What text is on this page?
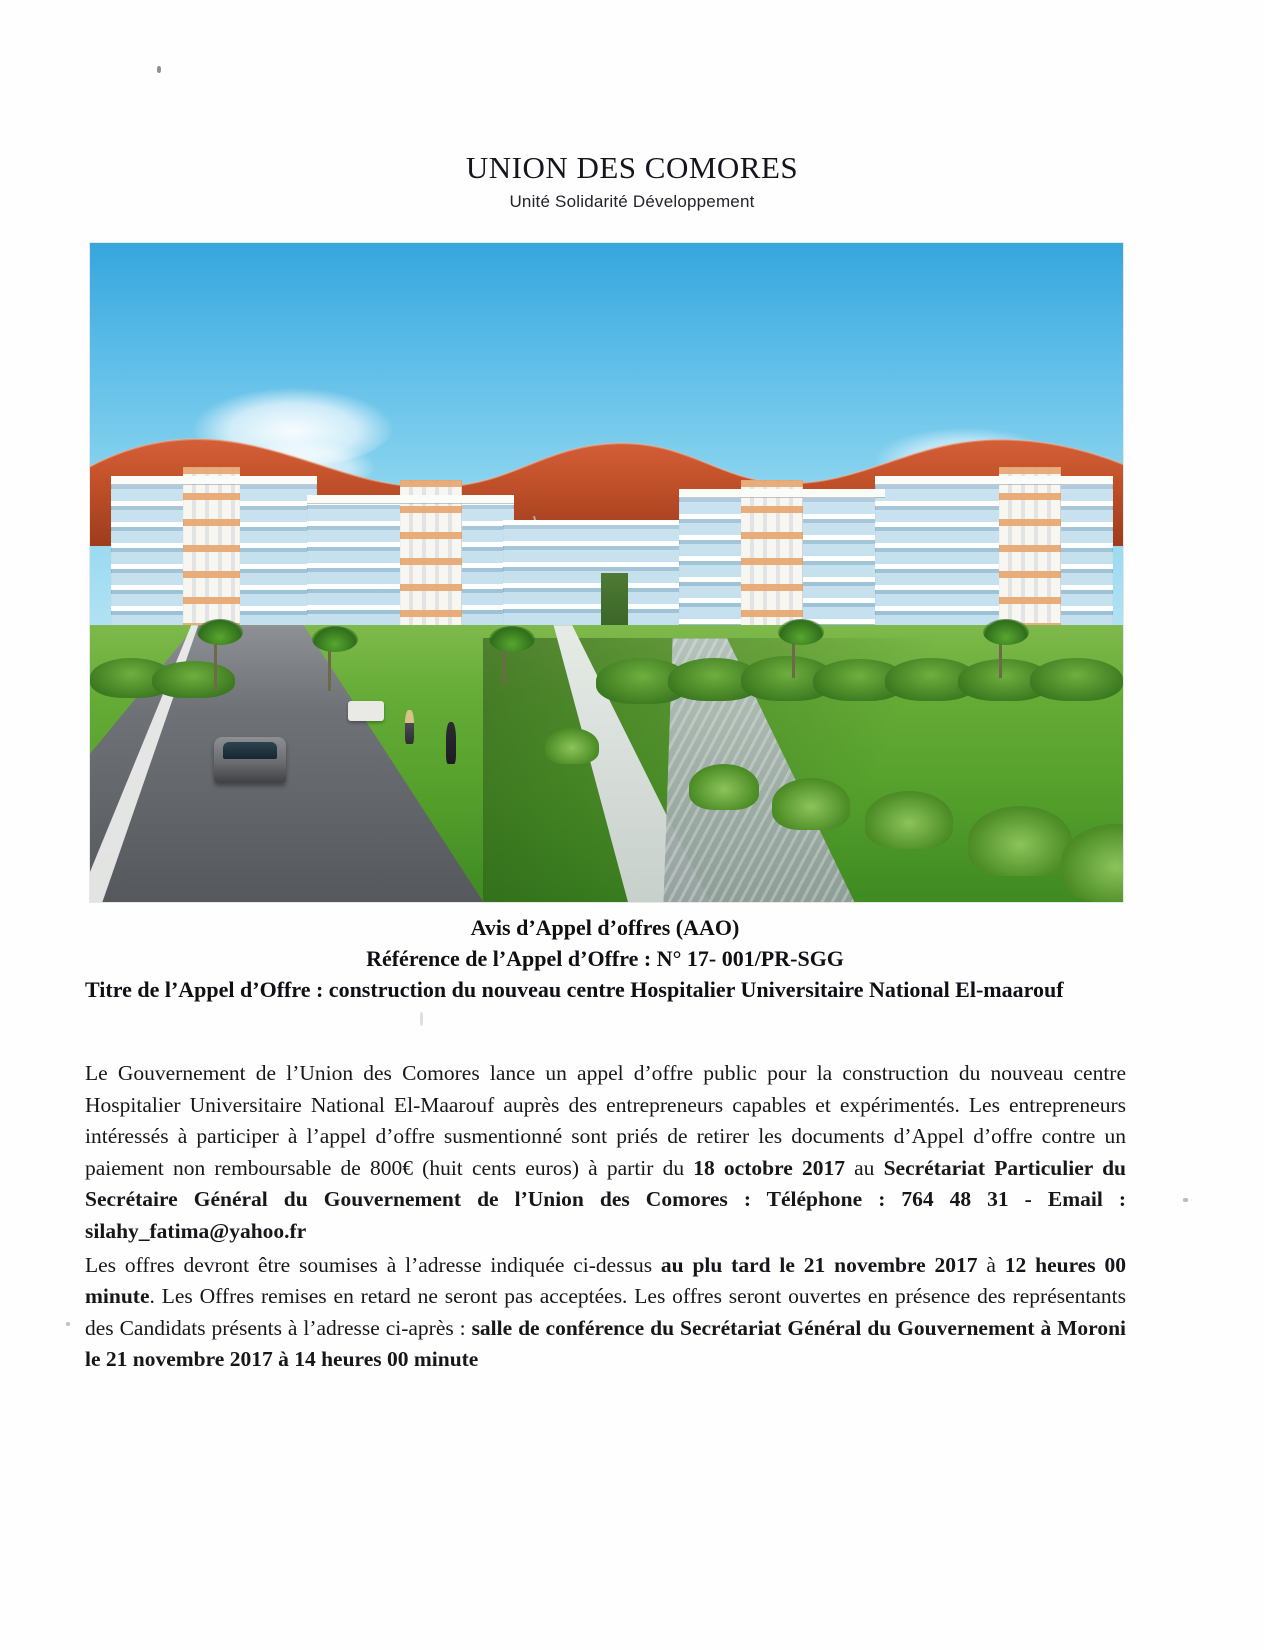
UNION DES COMORES
Unité Solidarité Développement
Avis d’Appel d’offres (AAO)
Référence de l’Appel d’Offre : N° 17- 001/PR-SGG
Titre de l’Appel d’Offre : construction du nouveau centre Hospitalier Universitaire National El-maarouf

Le Gouvernement de l’Union des Comores lance un appel d’offre public pour la construction du nouveau centre Hospitalier Universitaire National El-Maarouf auprès des entrepreneurs capables et expérimentés. Les entrepreneurs intéressés à participer à l’appel d’offre susmentionné sont priés de retirer les documents d’Appel d’offre contre un paiement non remboursable de 800€ (huit cents euros) à partir du 18 octobre 2017 au Secrétariat Particulier du Secrétaire Général du Gouvernement de l’Union des Comores : Téléphone : 764 48 31 - Email : silahy_fatima@yahoo.fr

Les offres devront être soumises à l’adresse indiquée ci-dessus au plu tard le 21 novembre 2017 à 12 heures 00 minute. Les Offres remises en retard ne seront pas acceptées. Les offres seront ouvertes en présence des représentants des Candidats présents à l’adresse ci-après : salle de conférence du Secrétariat Général du Gouvernement à Moroni le 21 novembre 2017 à 14 heures 00 minute
